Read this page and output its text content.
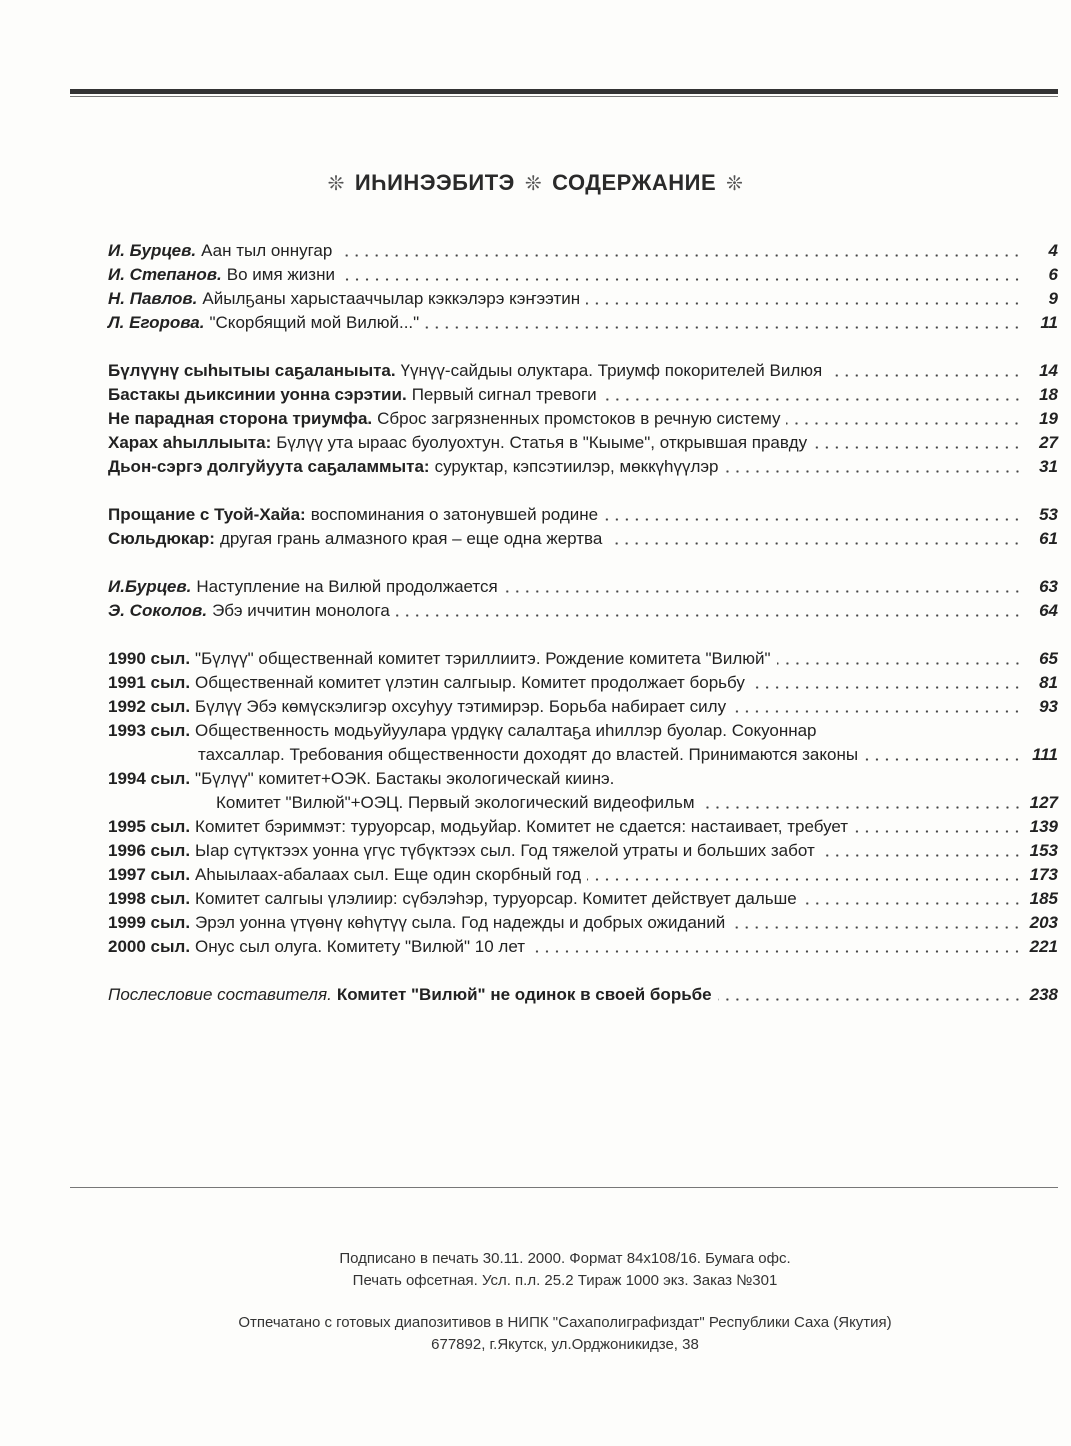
❊ ИҺИНЭЭБИТЭ ❊ СОДЕРЖАНИЕ ❊
И. Бурцев. Аан тыл оннугар	4
И. Степанов. Во имя жизни	6
Н. Павлов. Айылҕаны харыстааччылар кэккэлэрэ кэҥээтин	9
Л. Егорова. "Скорбящий мой Вилюй..."	11
Бүлүүнү сыһытыы саҕаланыыта. Үүнүү-сайдыы олуктара. Триумф покорителей Вилюя	14
Бастакы дьиксинии уонна сэрэтии. Первый сигнал тревоги	18
Не парадная сторона триумфа. Сброс загрязненных промстоков в речную систему	19
Харах аһыллыыта: Бүлүү ута ыраас буолуохтун. Статья в "Кыыме", открывшая правду	27
Дьон-сэргэ долгуйуута саҕаламмыта: суруктар, кэпсэтиилэр, мөккүһүүлэр	31
Прощание с Туой-Хайа: воспоминания о затонувшей родине	53
Сюльдюкар: другая грань алмазного края – еще одна жертва	61
И.Бурцев. Наступление на Вилюй продолжается	63
Э. Соколов. Эбэ иччитин монолога	64
1990 сыл. "Бүлүү" общественнай комитет тэриллиитэ. Рождение комитета "Вилюй"	65
1991 сыл. Общественнай комитет үлэтин салгыыр. Комитет продолжает борьбу	81
1992 сыл. Бүлүү Эбэ көмүскэлигэр охсуһуу тэтимирэр. Борьба набирает силу	93
1993 сыл. Общественность модьуйуулара үрдүкү салалтаҕа иһиллэр буолар. Сокуоннар
тахсаллар. Требования общественности доходят до властей. Принимаются законы	111
1994 сыл. "Бүлүү" комитет+ОЭК. Бастакы экологическай киинэ.
Комитет "Вилюй"+ОЭЦ. Первый экологический видеофильм	127
1995 сыл. Комитет бэриммэт: туруорсар, модьуйар. Комитет не сдается: настаивает, требует	139
1996 сыл. Ыар сүтүктээх уонна үгүс түбүктээх сыл. Год тяжелой утраты и больших забот	153
1997 сыл. Аһыылаах-абалаах сыл. Еще один скорбный год	173
1998 сыл. Комитет салгыы үлэлиир: сүбэлэһэр, туруорсар. Комитет действует дальше	185
1999 сыл. Эрэл уонна үтүөнү көһүтүү сыла. Год надежды и добрых ожиданий	203
2000 сыл. Онус сыл олуга. Комитету "Вилюй" 10 лет	221
Послесловие составителя. Комитет "Вилюй" не одинок в своей борьбе	238
Подписано в печать 30.11. 2000. Формат 84х108/16. Бумага офс.
Печать офсетная. Усл. п.л. 25.2 Тираж 1000 экз. Заказ №301
Отпечатано с готовых диапозитивов в НИПК "Сахаполиграфиздат" Республики Саха (Якутия)
677892, г.Якутск, ул.Орджоникидзе, 38
